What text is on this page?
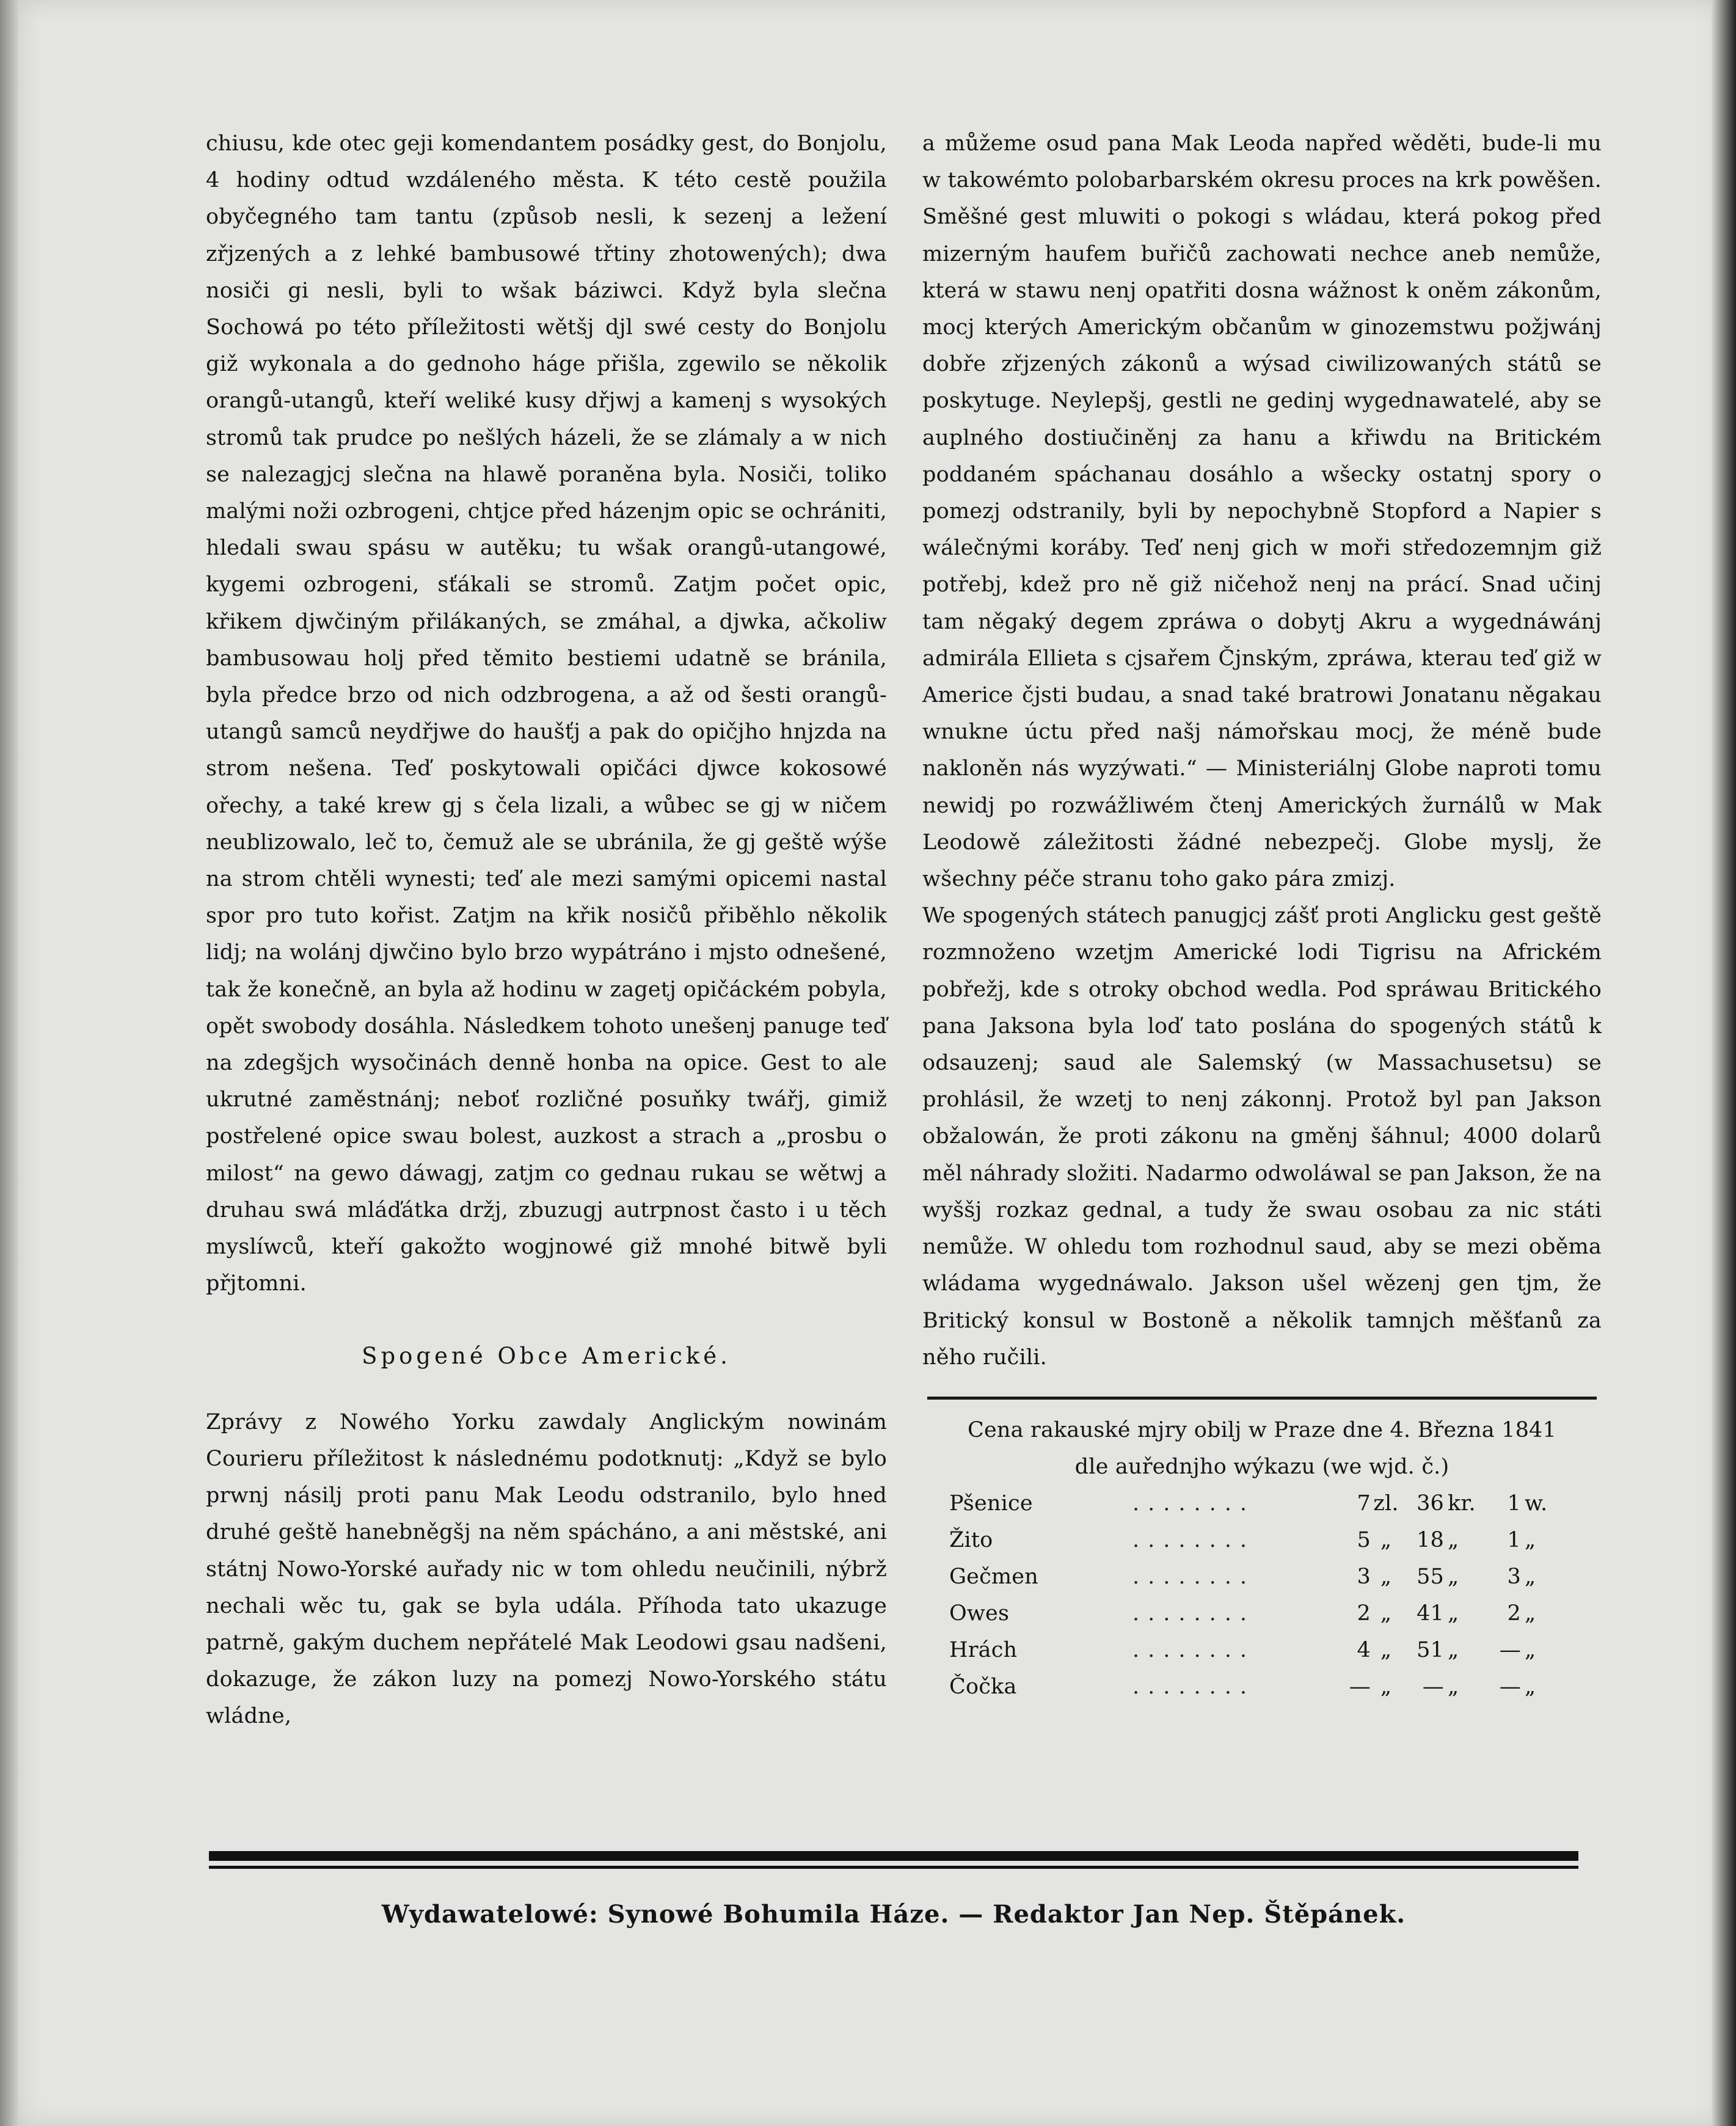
chiusu, kde otec geji komendantem posádky gest, do Bonjolu, 4 hodiny odtud wzdáleného města. K této cestě použila obyčegného tam tantu (způsob nesli, k sezenj a ležení zřjzených a z lehké bambusowé třtiny zhotowených); dwa nosiči gi nesli, byli to wšak báziwci. Když byla slečna Sochowá po této příležitosti wětšj djl swé cesty do Bonjolu giž wykonala a do gednoho háge přišla, zgewilo se několik orangů-utangů, kteří weliké kusy dřjwj a kamenj s wysokých stromů tak prudce po nešlých házeli, že se zlámaly a w nich se nalezagjcj slečna na hlawě poraněna byla. Nosiči, toliko malými noži ozbrogeni, chtjce před házenjm opic se ochrániti, hledali swau spásu w autěku; tu wšak orangů-utangowé, kygemi ozbrogeni, sťákali se stromů. Zatjm počet opic, křikem djwčiným přilákaných, se zmáhal, a djwka, ačkoliw bambusowau holj před těmito bestiemi udatně se bránila, byla předce brzo od nich odzbrogena, a až od šesti orangů-utangů samců neydřjwe do haušťj a pak do opičjho hnjzda na strom nešena. Teď poskytowali opičáci djwce kokosowé ořechy, a také krew gj s čela lizali, a wůbec se gj w ničem neublizowalo, leč to, čemuž ale se ubránila, že gj geště wýše na strom chtěli wynesti; teď ale mezi samými opicemi nastal spor pro tuto kořist. Zatjm na křik nosičů přiběhlo několik lidj; na wolánj djwčino bylo brzo wypátráno i mjsto odnešené, tak že konečně, an byla až hodinu w zagetj opičáckém pobyla, opět swobody dosáhla. Následkem tohoto unešenj panuge teď na zdegšjch wysočinách denně honba na opice. Gest to ale ukrutné zaměstnánj; neboť rozličné posuňky twářj, gimiž postřelené opice swau bolest, auzkost a strach a „prosbu o milost“ na gewo dáwagj, zatjm co gednau rukau se wětwj a druhau swá mláďátka držj, zbuzugj autrpnost často i u těch myslíwců, kteří gakožto wogjnowé giž mnohé bitwě byli přjtomni.

Spogené Obce Americké.

Zprávy z Nowého Yorku zawdaly Anglickým nowinám Courieru příležitost k následnému podotknutj: „Když se bylo prwnj násilj proti panu Mak Leodu odstranilo, bylo hned druhé geště hanebněgšj na něm spácháno, a ani městské, ani státnj Nowo-Yorské auřady nic w tom ohledu neučinili, nýbrž nechali wěc tu, gak se byla udála. Příhoda tato ukazuge patrně, gakým duchem nepřátelé Mak Leodowi gsau nadšeni, dokazuge, že zákon luzy na pomezj Nowo-Yorského státu wládne,

a můžeme osud pana Mak Leoda napřed wěděti, bude-li mu w takowémto polobarbarském okresu proces na krk powěšen. Směšné gest mluwiti o pokogi s wládau, která pokog před mizerným haufem buřičů zachowati nechce aneb nemůže, která w stawu nenj opatřiti dosna wážnost k oněm zákonům, mocj kterých Americkým občanům w ginozemstwu požjwánj dobře zřjzených zákonů a wýsad ciwilizowaných států se poskytuge. Neylepšj, gestli ne gedinj wygednawatelé, aby se auplného dostiučiněnj za hanu a křiwdu na Britickém poddaném spáchanau dosáhlo a wšecky ostatnj spory o pomezj odstranily, byli by nepochybně Stopford a Napier s wálečnými koráby. Teď nenj gich w moři středozemnjm giž potřebj, kdež pro ně giž ničehož nenj na prácí. Snad učinj tam něgaký degem zpráwa o dobytj Akru a wygednáwánj admirála Ellieta s cjsařem Čjnským, zpráwa, kterau teď giž w Americe čjsti budau, a snad také bratrowi Jonatanu něgakau wnukne úctu před našj námořskau mocj, že méně bude nakloněn nás wyzýwati.“ — Ministeriálnj Globe naproti tomu newidj po rozwážliwém čtenj Amerických žurnálů w Mak Leodowě záležitosti žádné nebezpečj. Globe myslj, že wšechny péče stranu toho gako pára zmizj.

We spogených státech panugjcj zášť proti Anglicku gest geště rozmnoženo wzetjm Americké lodi Tigrisu na Africkém pobřežj, kde s otroky obchod wedla. Pod spráwau Britického pana Jaksona byla loď tato poslána do spogených států k odsauzenj; saud ale Salemský (w Massachusetsu) se prohlásil, že wzetj to nenj zákonnj. Protož byl pan Jakson obžalowán, že proti zákonu na gměnj šáhnul; 4000 dolarů měl náhrady složiti. Nadarmo odwoláwal se pan Jakson, že na wyššj rozkaz gednal, a tudy že swau osobau za nic státi nemůže. W ohledu tom rozhodnul saud, aby se mezi oběma wládama wygednáwalo. Jakson ušel wězenj gen tjm, že Britický konsul w Bostoně a několik tamnjch měšťanů za něho ručili.

Cena rakauské mjry obilj w Praze dne 4. Března 1841

dle auřednjho wýkazu (we wjd. č.)

Pšenice	........	7	zl.	36	kr.	1	w.
Žito	........	5	„	18	„	1	„
Gečmen	........	3	„	55	„	3	„
Owes	........	2	„	41	„	2	„
Hrách	........	4	„	51	„	—	„
Čočka	........	—	„	—	„	—	„
Wydawatelowé: Synowé Bohumila Háze. — Redaktor Jan Nep. Štěpánek.
